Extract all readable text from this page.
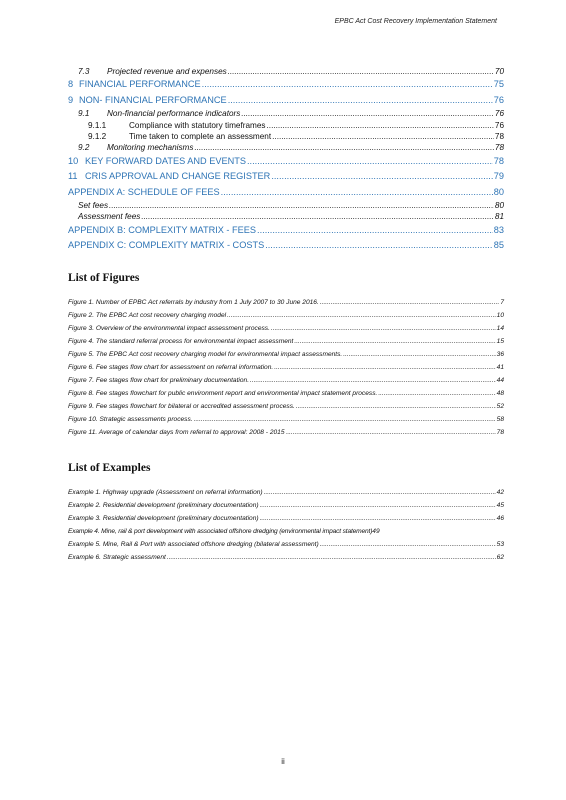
EPBC Act Cost Recovery Implementation Statement
7.3	Projected revenue and expenses .....	70
8 FINANCIAL PERFORMANCE .....	75
9 NON- FINANCIAL PERFORMANCE .....	76
9.1	Non-financial performance indicators .....	76
9.1.1	Compliance with statutory timeframes .....	76
9.1.2	Time taken to complete an assessment .....	78
9.2	Monitoring mechanisms .....	78
10 KEY FORWARD DATES AND EVENTS .....	78
11 CRIS APPROVAL AND CHANGE REGISTER .....	79
APPENDIX A: SCHEDULE OF FEES .....	80
Set fees .....	80
Assessment fees .....	81
APPENDIX B: COMPLEXITY MATRIX - FEES .....	83
APPENDIX C: COMPLEXITY MATRIX - COSTS .....	85
List of Figures
Figure 1. Number of EPBC Act referrals by industry from 1 July 2007 to 30 June 2016. .....	7
Figure 2. The EPBC Act cost recovery charging model .....	10
Figure 3. Overview of the environmental impact assessment process. .....	14
Figure 4. The standard referral process for environmental impact assessment .....	15
Figure 5. The EPBC Act cost recovery charging model for environmental impact assessments. .....	36
Figure 6. Fee stages flow chart for assessment on referral information. .....	41
Figure 7. Fee stages flow chart for preliminary documentation. .....	44
Figure 8. Fee stages flowchart for public environment report and environmental impact statement process. .....	48
Figure 9. Fee stages flowchart for bilateral or accredited assessment process. .....	52
Figure 10. Strategic assessments process. .....	58
Figure 11. Average of calendar days from referral to approval: 2008 - 2015 .....	78
List of Examples
Example 1. Highway upgrade (Assessment on referral information) .....	42
Example 2. Residential development (preliminary documentation) .....	45
Example 3. Residential development (preliminary documentation) .....	46
Example 4. Mine, rail & port development with associated offshore dredging (environmental impact statement) 49
Example 5. Mine, Rail & Port with associated offshore dredging (bilateral assessment) .....	53
Example 6. Strategic assessment .....	62
ii
